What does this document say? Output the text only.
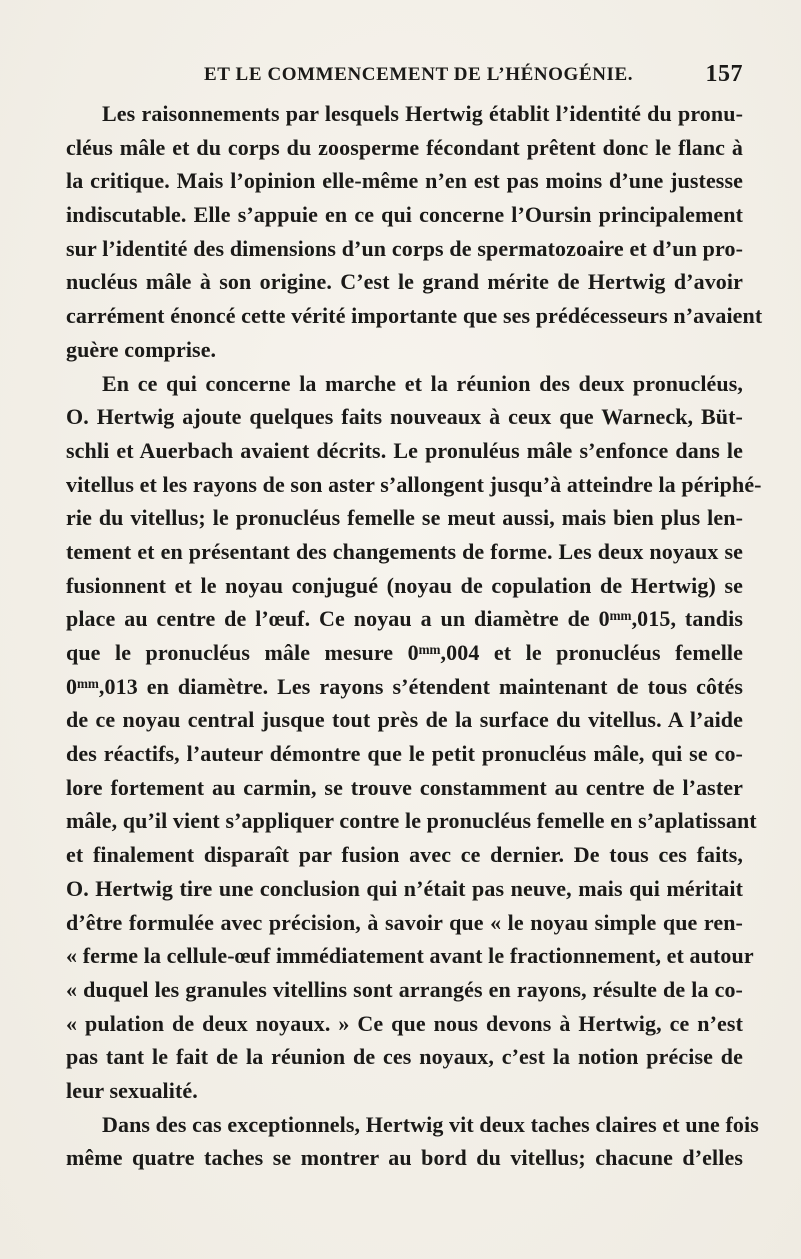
ET LE COMMENCEMENT DE L’HÉNOGÉNIE.	157
Les raisonnements par lesquels Hertwig établit l’identité du pronu-
cléus mâle et du corps du zoosperme fécondant prêtent donc le flanc à
la critique. Mais l’opinion elle-même n’en est pas moins d’une justesse
indiscutable. Elle s’appuie en ce qui concerne l’Oursin principalement
sur l’identité des dimensions d’un corps de spermatozoaire et d’un pro-
nucléus mâle à son origine. C’est le grand mérite de Hertwig d’avoir
carrément énoncé cette vérité importante que ses prédécesseurs n’avaient
guère comprise.
En ce qui concerne la marche et la réunion des deux pronucléus,
O. Hertwig ajoute quelques faits nouveaux à ceux que Warneck, Büt-
schli et Auerbach avaient décrits. Le pronuléus mâle s’enfonce dans le
vitellus et les rayons de son aster s’allongent jusqu’à atteindre la périphé-
rie du vitellus; le pronucléus femelle se meut aussi, mais bien plus len-
tement et en présentant des changements de forme. Les deux noyaux se
fusionnent et le noyau conjugué (noyau de copulation de Hertwig) se
place au centre de l’œuf. Ce noyau a un diamètre de 0ᵐᵐ,015, tandis
que le pronucléus mâle mesure 0ᵐᵐ,004 et le pronucléus femelle
0ᵐᵐ,013 en diamètre. Les rayons s’étendent maintenant de tous côtés
de ce noyau central jusque tout près de la surface du vitellus. A l’aide
des réactifs, l’auteur démontre que le petit pronucléus mâle, qui se co-
lore fortement au carmin, se trouve constamment au centre de l’aster
mâle, qu’il vient s’appliquer contre le pronucléus femelle en s’aplatissant
et finalement disparaît par fusion avec ce dernier. De tous ces faits,
O. Hertwig tire une conclusion qui n’était pas neuve, mais qui méritait
d’être formulée avec précision, à savoir que « le noyau simple que ren-
« ferme la cellule-œuf immédiatement avant le fractionnement, et autour
« duquel les granules vitellins sont arrangés en rayons, résulte de la co-
« pulation de deux noyaux. » Ce que nous devons à Hertwig, ce n’est
pas tant le fait de la réunion de ces noyaux, c’est la notion précise de
leur sexualité.
Dans des cas exceptionnels, Hertwig vit deux taches claires et une fois
même quatre taches se montrer au bord du vitellus; chacune d’elles
